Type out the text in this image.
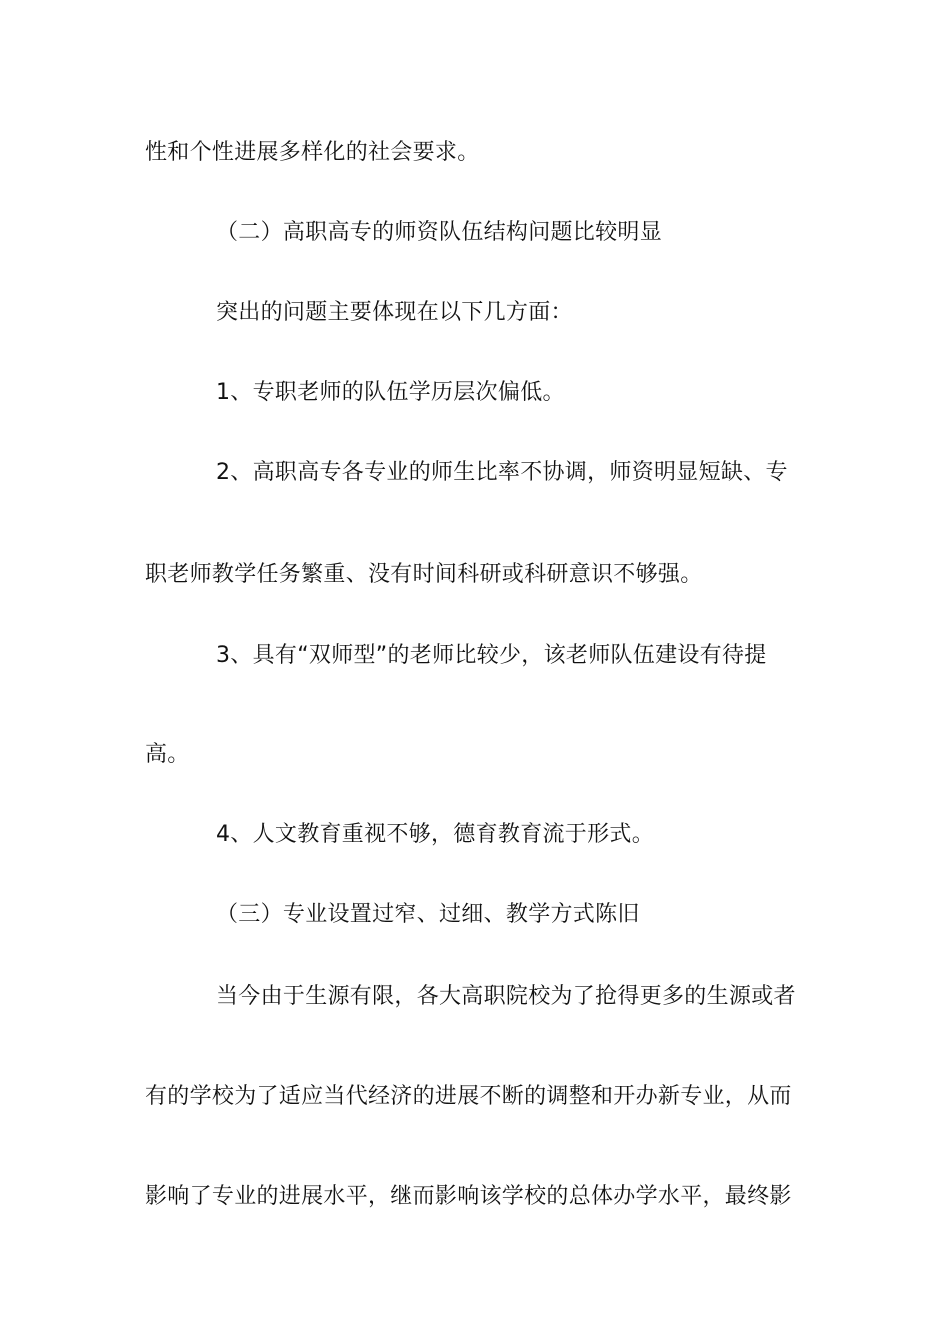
性和个性进展多样化的社会要求。

（二）高职高专的师资队伍结构问题比较明显

突出的问题主要体现在以下几方面：

1、专职老师的队伍学历层次偏低。

2、高职高专各专业的师生比率不协调，师资明显短缺、专

职老师教学任务繁重、没有时间科研或科研意识不够强。

3、具有“双师型”的老师比较少，该老师队伍建设有待提

高。

4、人文教育重视不够，德育教育流于形式。

（三）专业设置过窄、过细、教学方式陈旧

当今由于生源有限，各大高职院校为了抢得更多的生源或者

有的学校为了适应当代经济的进展不断的调整和开办新专业，从而

影响了专业的进展水平，继而影响该学校的总体办学水平，最终影
